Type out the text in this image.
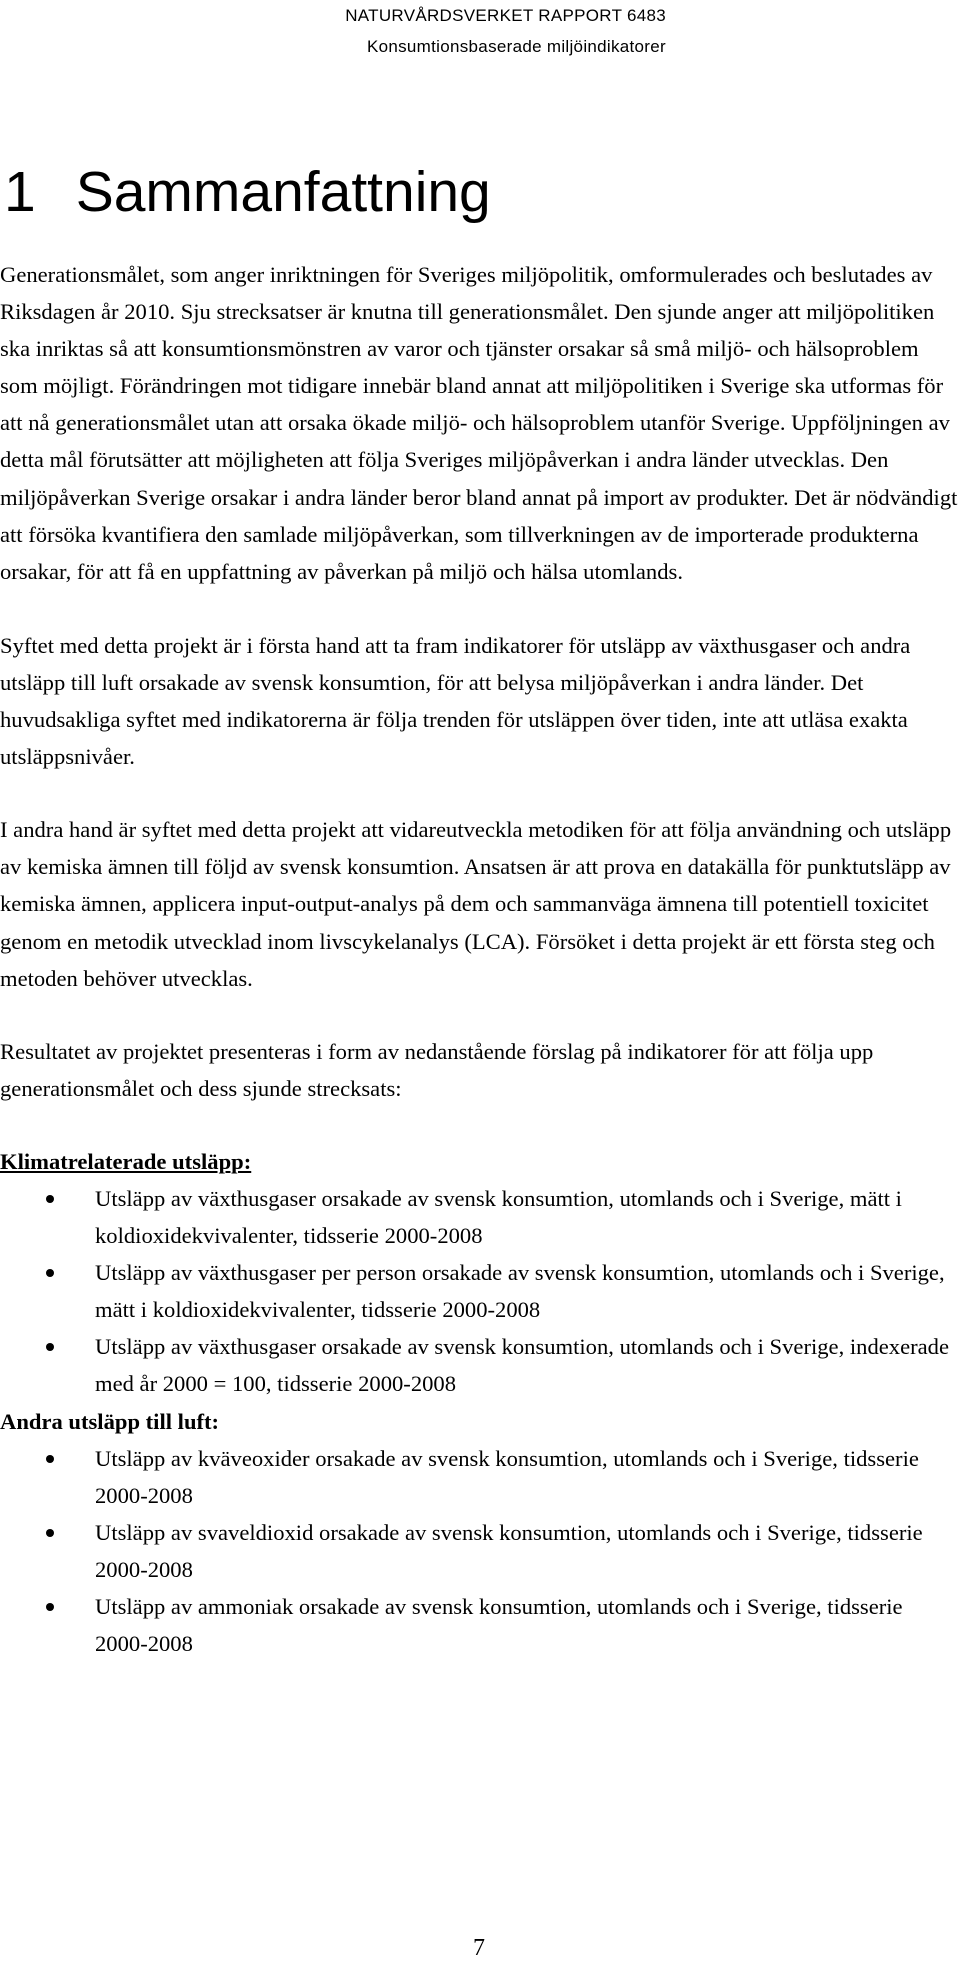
NATURVÅRDSVERKET RAPPORT 6483
Konsumtionsbaserade miljöindikatorer
1 Sammanfattning

Generationsmålet, som anger inriktningen för Sveriges miljöpolitik, omformulerades och beslutades av Riksdagen år 2010. Sju strecksatser är knutna till generationsmålet. Den sjunde anger att miljöpolitiken ska inriktas så att konsumtionsmönstren av varor och tjänster orsakar så små miljö- och hälsoproblem som möjligt. Förändringen mot tidigare innebär bland annat att miljöpolitiken i Sverige ska utformas för att nå generationsmålet utan att orsaka ökade miljö- och hälsoproblem utanför Sverige. Uppföljningen av detta mål förutsätter att möjligheten att följa Sveriges miljöpåverkan i andra länder utvecklas. Den miljöpåverkan Sverige orsakar i andra länder beror bland annat på import av produkter. Det är nödvändigt att försöka kvantifiera den samlade miljöpåverkan, som tillverkningen av de importerade produkterna orsakar, för att få en uppfattning av påverkan på miljö och hälsa utomlands.

Syftet med detta projekt är i första hand att ta fram indikatorer för utsläpp av växthusgaser och andra utsläpp till luft orsakade av svensk konsumtion, för att belysa miljöpåverkan i andra länder. Det huvudsakliga syftet med indikatorerna är följa trenden för utsläppen över tiden, inte att utläsa exakta utsläppsnivåer.

I andra hand är syftet med detta projekt att vidareutveckla metodiken för att följa användning och utsläpp av kemiska ämnen till följd av svensk konsumtion. Ansatsen är att prova en datakälla för punktutsläpp av kemiska ämnen, applicera input-output-analys på dem och sammanväga ämnena till potentiell toxicitet genom en metodik utvecklad inom livscykelanalys (LCA). Försöket i detta projekt är ett första steg och metoden behöver utvecklas.

Resultatet av projektet presenteras i form av nedanstående förslag på indikatorer för att följa upp generationsmålet och dess sjunde strecksats:

Klimatrelaterade utsläpp:
Utsläpp av växthusgaser orsakade av svensk konsumtion, utomlands och i Sverige, mätt i koldioxidekvivalenter, tidsserie 2000-2008
Utsläpp av växthusgaser per person orsakade av svensk konsumtion, utomlands och i Sverige, mätt i koldioxidekvivalenter, tidsserie 2000-2008
Utsläpp av växthusgaser orsakade av svensk konsumtion, utomlands och i Sverige, indexerade med år 2000 = 100, tidsserie 2000-2008
Andra utsläpp till luft:
Utsläpp av kväveoxider orsakade av svensk konsumtion, utomlands och i Sverige, tidsserie 2000-2008
Utsläpp av svaveldioxid orsakade av svensk konsumtion, utomlands och i Sverige, tidsserie 2000-2008
Utsläpp av ammoniak orsakade av svensk konsumtion, utomlands och i Sverige, tidsserie 2000-2008
7
